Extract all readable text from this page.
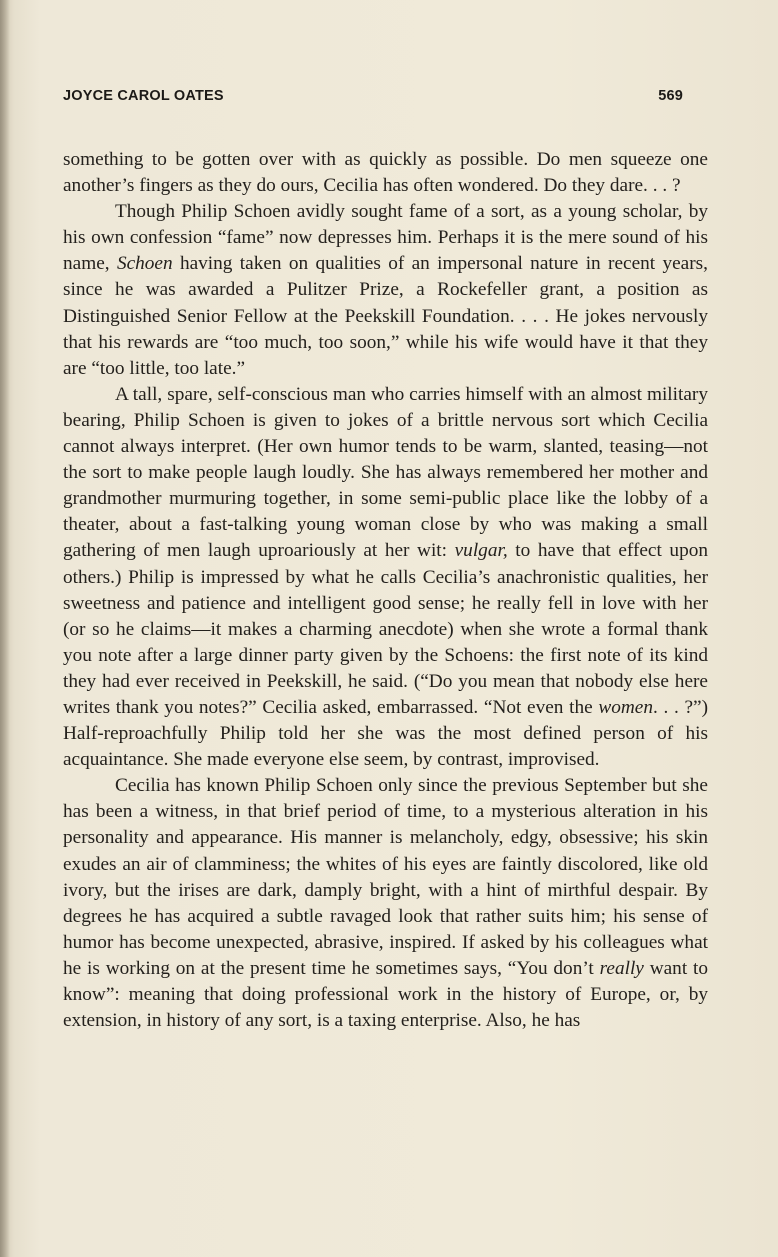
JOYCE CAROL OATES	569

something to be gotten over with as quickly as possible. Do men squeeze one another’s fingers as they do ours, Cecilia has often wondered. Do they dare. . . ?

Though Philip Schoen avidly sought fame of a sort, as a young scholar, by his own confession “fame” now depresses him. Perhaps it is the mere sound of his name, Schoen having taken on qualities of an impersonal nature in recent years, since he was awarded a Pulitzer Prize, a Rockefeller grant, a position as Distinguished Senior Fellow at the Peekskill Foundation. . . . He jokes nervously that his rewards are “too much, too soon,” while his wife would have it that they are “too little, too late.”

A tall, spare, self-conscious man who carries himself with an almost military bearing, Philip Schoen is given to jokes of a brittle nervous sort which Cecilia cannot always interpret. (Her own humor tends to be warm, slanted, teasing—not the sort to make people laugh loudly. She has always remembered her mother and grandmother murmuring together, in some semi-public place like the lobby of a theater, about a fast-talking young woman close by who was making a small gathering of men laugh uproariously at her wit: vulgar, to have that effect upon others.) Philip is impressed by what he calls Cecilia’s anachronistic qualities, her sweetness and patience and intelligent good sense; he really fell in love with her (or so he claims—it makes a charming anecdote) when she wrote a formal thank you note after a large dinner party given by the Schoens: the first note of its kind they had ever received in Peekskill, he said. (“Do you mean that nobody else here writes thank you notes?” Cecilia asked, embarrassed. “Not even the women. . . ?”) Half-reproachfully Philip told her she was the most defined person of his acquaintance. She made everyone else seem, by contrast, improvised.

Cecilia has known Philip Schoen only since the previous September but she has been a witness, in that brief period of time, to a mysterious alteration in his personality and appearance. His manner is melancholy, edgy, obsessive; his skin exudes an air of clamminess; the whites of his eyes are faintly discolored, like old ivory, but the irises are dark, damply bright, with a hint of mirthful despair. By degrees he has acquired a subtle ravaged look that rather suits him; his sense of humor has become unexpected, abrasive, inspired. If asked by his colleagues what he is working on at the present time he sometimes says, “You don’t really want to know”: meaning that doing professional work in the history of Europe, or, by extension, in history of any sort, is a taxing enterprise. Also, he has
